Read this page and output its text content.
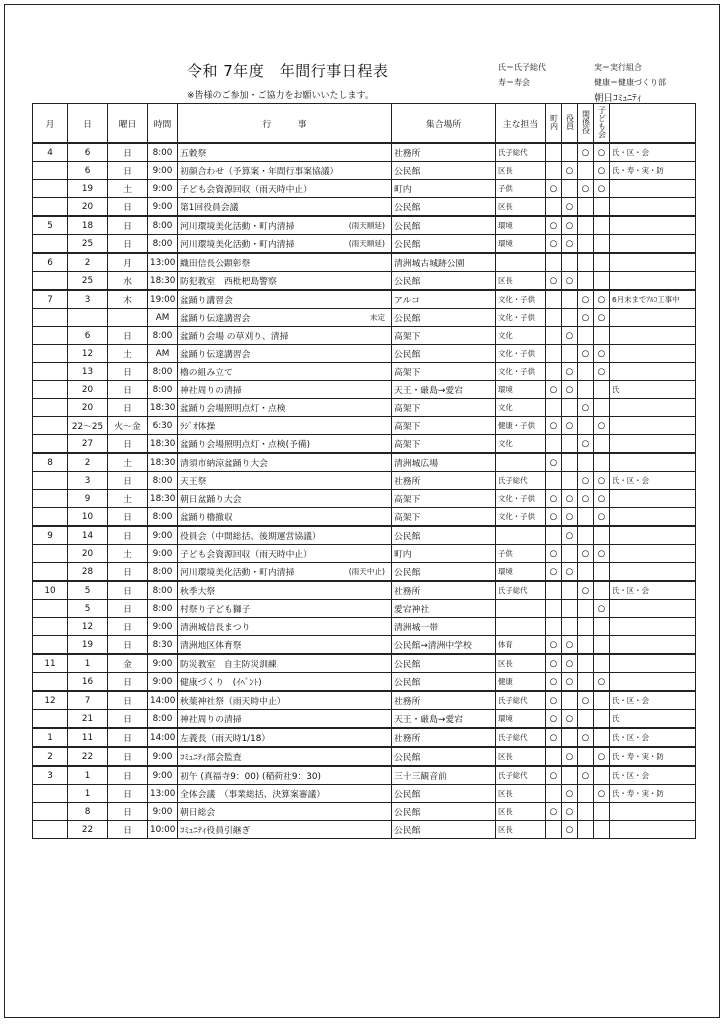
令和 7年度　年間行事日程表
※皆様のご参加・ご協力をお願いいたします。
氏＝氏子総代
寿＝寿会
実＝実行組合
健康＝健康づくり部
朝日ｺﾐｭﾆﾃｨ
月	日	曜日	時間	行　　　事	集合場所	主な担当	町内	役員	関係役	子ども会	
4	6	日	8:00	五穀祭	社務所	氏子総代			○	○	氏・区・会
	6	日	9:00	初顔合わせ（予算案・年間行事案協議）	公民館	区長		○		○	氏・寿・実・防
	19	土	9:00	子ども会資源回収（雨天時中止）	町内	子供	○		○	○	
	20	日	9:00	第1回役員会議	公民館	区長		○			
5	18	日	8:00	河川環境美化活動・町内清掃 (雨天順延)	公民館	環境	○	○			
	25	日	8:00	河川環境美化活動・町内清掃 (雨天順延)	公民館	環境	○	○			
6	2	月	13:00	織田信長公顕彰祭	清洲城古城跡公園						
	25	水	18:30	防犯教室　西枇杷島警察	公民館	区長	○	○			
7	3	木	19:00	盆踊り講習会	アルコ	文化・子供			○	○	6月末までｱﾙｺ工事中
			AM	盆踊り伝達講習会 未定	公民館	文化・子供			○	○	
	6	日	8:00	盆踊り会場 の草刈り、清掃	高架下	文化		○			
	12	土	AM	盆踊り伝達講習会	公民館	文化・子供			○	○	
	13	日	8:00	櫓の組み立て	高架下	文化・子供		○		○	
	20	日	8:00	神社周りの清掃	天王・厳島→愛宕	環境	○	○			氏
	20	日	18:30	盆踊り会場照明点灯・点検	高架下	文化			○		
	22～25	火～金	6:30	ﾗｼﾞｵ体操	高架下	健康・子供	○	○		○	
	27	日	18:30	盆踊り会場照明点灯・点検(予備)	高架下	文化			○		
8	2	土	18:30	清須市納涼盆踊り大会	清洲城広場		○				
	3	日	8:00	天王祭	社務所	氏子総代			○	○	氏・区・会
	9	土	18:30	朝日盆踊り大会	高架下	文化・子供	○	○	○	○	
	10	日	8:00	盆踊り櫓撤収	高架下	文化・子供	○	○		○	
9	14	日	9:00	役員会（中間総括、後期運営協議）	公民館			○			
	20	土	9:00	子ども会資源回収（雨天時中止）	町内	子供	○		○	○	
	28	日	8:00	河川環境美化活動・町内清掃 (雨天中止)	公民館	環境	○	○			
10	5	日	8:00	秋季大祭	社務所	氏子総代			○		氏・区・会
	5	日	8:00	村祭り子ども獅子	愛宕神社					○	
	12	日	9:00	清洲城信長まつり	清洲城一帯						
	19	日	8:30	清洲地区体育祭	公民館→清洲中学校	体育	○	○			
11	1	金	9:00	防災教室　自主防災訓練	公民館	区長	○	○			
	16	日	9:00	健康づくり　(ｲﾍﾞﾝﾄ)	公民館	健康	○	○		○	
12	7	日	14:00	秋葉神社祭（雨天時中止）	社務所	氏子総代	○		○		氏・区・会
	21	日	8:00	神社周りの清掃	天王・厳島→愛宕	環境	○	○			氏
1	11	日	14:00	左義長（雨天時1/18）	社務所	氏子総代	○		○		氏・区・会
2	22	日	9:00	ｺﾐｭﾆﾃｨ部会監査	公民館	区長		○		○	氏・寿・実・防
3	1	日	9:00	初午 (真福寺9：00) (稲荷社9：30)	三十三観音前	氏子総代	○		○		氏・区・会
	1	日	13:00	全体会議　（事業総括、決算案審議）	公民館	区長		○		○	氏・寿・実・防
	8	日	9:00	朝日総会	公民館	区長	○	○			
	22	日	10:00	ｺﾐｭﾆﾃｨ役員引継ぎ	公民館	区長		○			
